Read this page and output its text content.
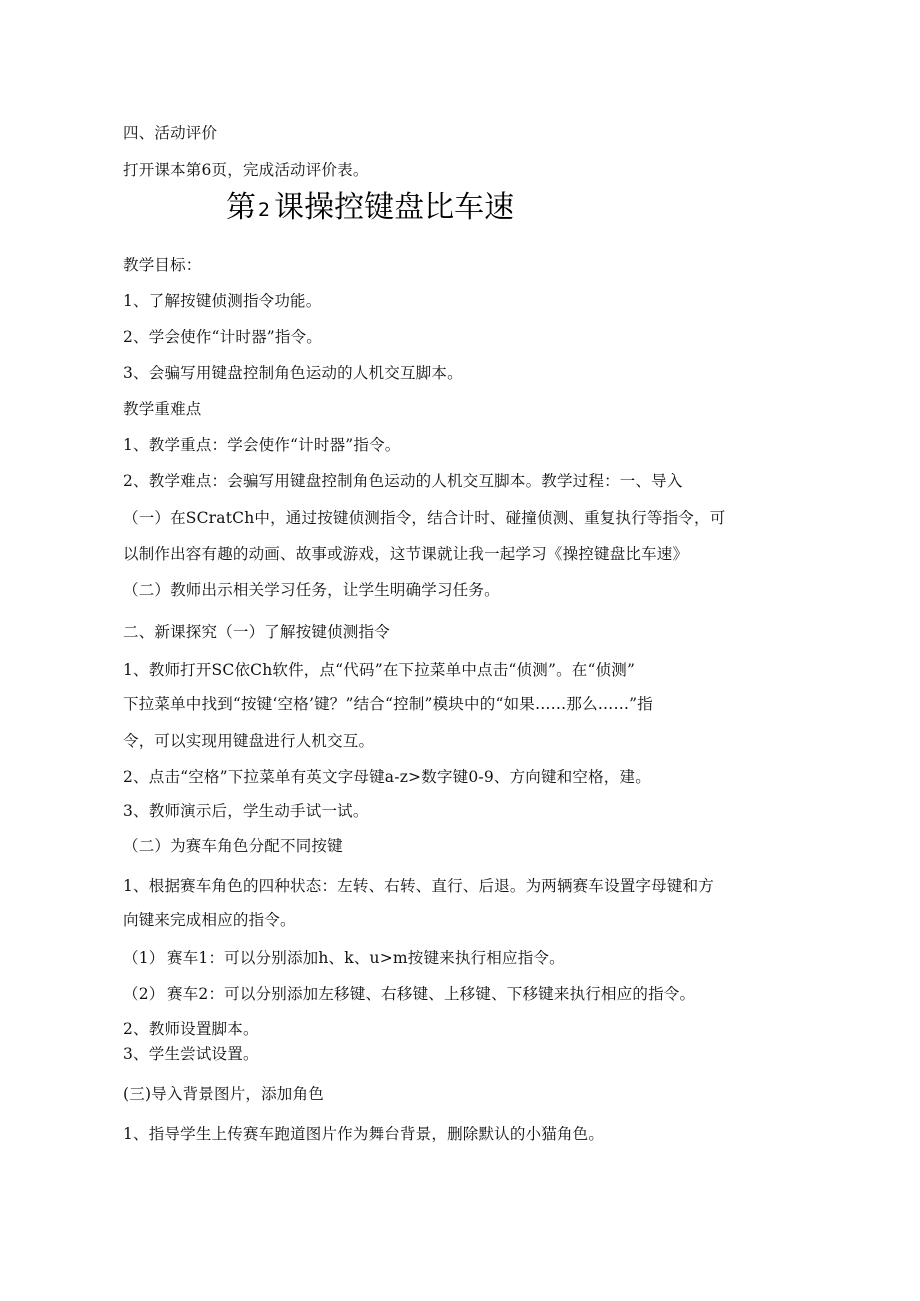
四、活动评价
打开课本第6页，完成活动评价表。
第 2 课操控键盘比车速
教学目标：
1、了解按键侦测指令功能。
2、学会使作“计时器”指令。
3、会骗写用键盘控制角色运动的人机交互脚本。
教学重难点
1、教学重点：学会使作“计时器”指令。
2、教学难点：会骗写用键盘控制角色运动的人机交互脚本。教学过程：一、导入
（一）在SCratCh中，通过按键侦测指令，结合计时、碰撞侦测、重复执行等指令，可
以制作出容有趣的动画、故事或游戏，这节课就让我一起学习《操控键盘比车速》
（二）教师出示相关学习任务，让学生明确学习任务。
二、新课探究（一）了解按键侦测指令
1、教师打开SC依Ch软件，点“代码”在下拉菜单中点击“侦测”。在“侦测”
下拉菜单中找到“按键‘空格’键？”结合“控制”模块中的“如果……那么……”指
令，可以实现用键盘进行人机交互。
2、点击“空格”下拉菜单有英文字母键a-z>数字键0-9、方向键和空格，建。
3、教师演示后，学生动手试一试。
（二）为赛车角色分配不同按键
1、根据赛车角色的四种状态：左转、右转、直行、后退。为两辆赛车设置字母键和方
向键来完成相应的指令。
（1） 赛车1：可以分别添加h、k、u>m按键来执行相应指令。
（2） 赛车2：可以分别添加左移键、右移键、上移键、下移键来执行相应的指令。
2、教师设置脚本。
3、学生尝试设置。
(三)导入背景图片，添加角色
1、指导学生上传赛车跑道图片作为舞台背景，删除默认的小猫角色。
